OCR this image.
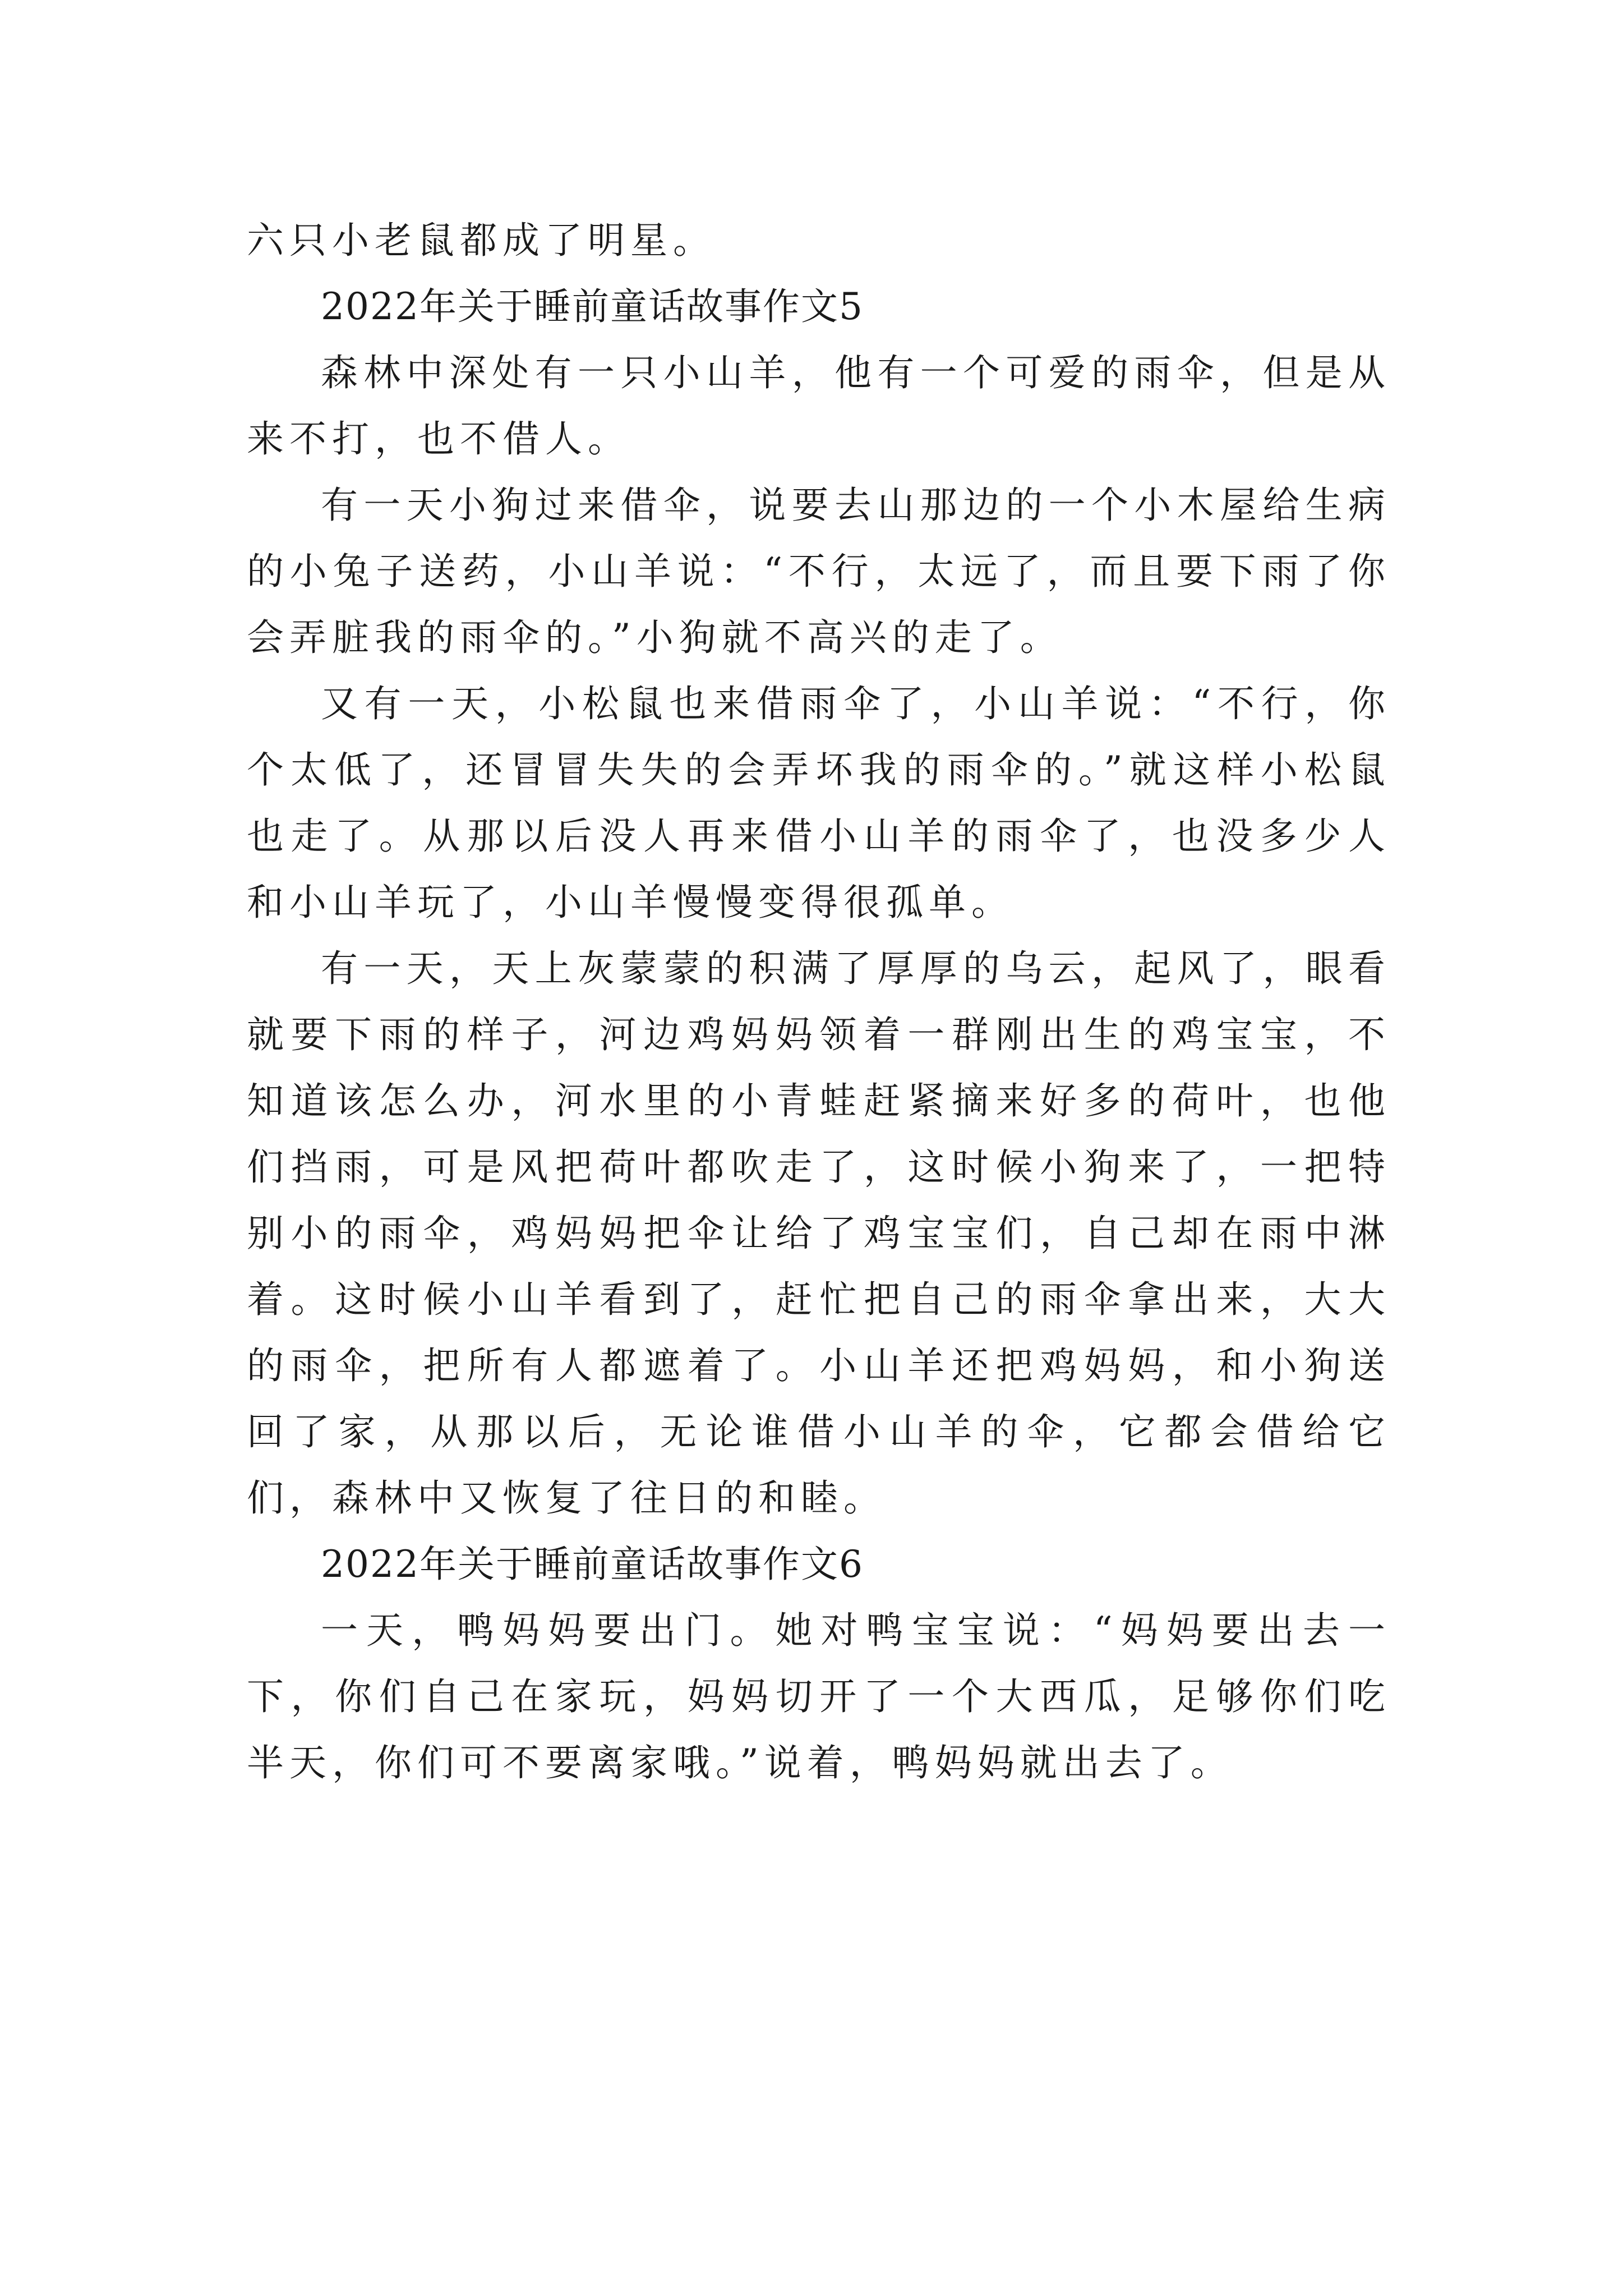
六只小老鼠都成了明星。

2022年关于睡前童话故事作文5

森林中深处有一只小山羊，他有一个可爱的雨伞，但是从来不打，也不借人。

有一天小狗过来借伞，说要去山那边的一个小木屋给生病的小兔子送药，小山羊说：“不行，太远了，而且要下雨了你会弄脏我的雨伞的。”小狗就不高兴的走了。

又有一天，小松鼠也来借雨伞了，小山羊说：“不行，你个太低了，还冒冒失失的会弄坏我的雨伞的。”就这样小松鼠也走了。从那以后没人再来借小山羊的雨伞了，也没多少人和小山羊玩了，小山羊慢慢变得很孤单。

有一天，天上灰蒙蒙的积满了厚厚的乌云，起风了，眼看就要下雨的样子，河边鸡妈妈领着一群刚出生的鸡宝宝，不知道该怎么办，河水里的小青蛙赶紧摘来好多的荷叶，也他们挡雨，可是风把荷叶都吹走了，这时候小狗来了，一把特别小的雨伞，鸡妈妈把伞让给了鸡宝宝们，自己却在雨中淋着。这时候小山羊看到了，赶忙把自己的雨伞拿出来，大大的雨伞，把所有人都遮着了。小山羊还把鸡妈妈，和小狗送回了家，从那以后，无论谁借小山羊的伞，它都会借给它们，森林中又恢复了往日的和睦。

2022年关于睡前童话故事作文6

一天，鸭妈妈要出门。她对鸭宝宝说：“妈妈要出去一下，你们自己在家玩，妈妈切开了一个大西瓜，足够你们吃半天，你们可不要离家哦。”说着，鸭妈妈就出去了。
